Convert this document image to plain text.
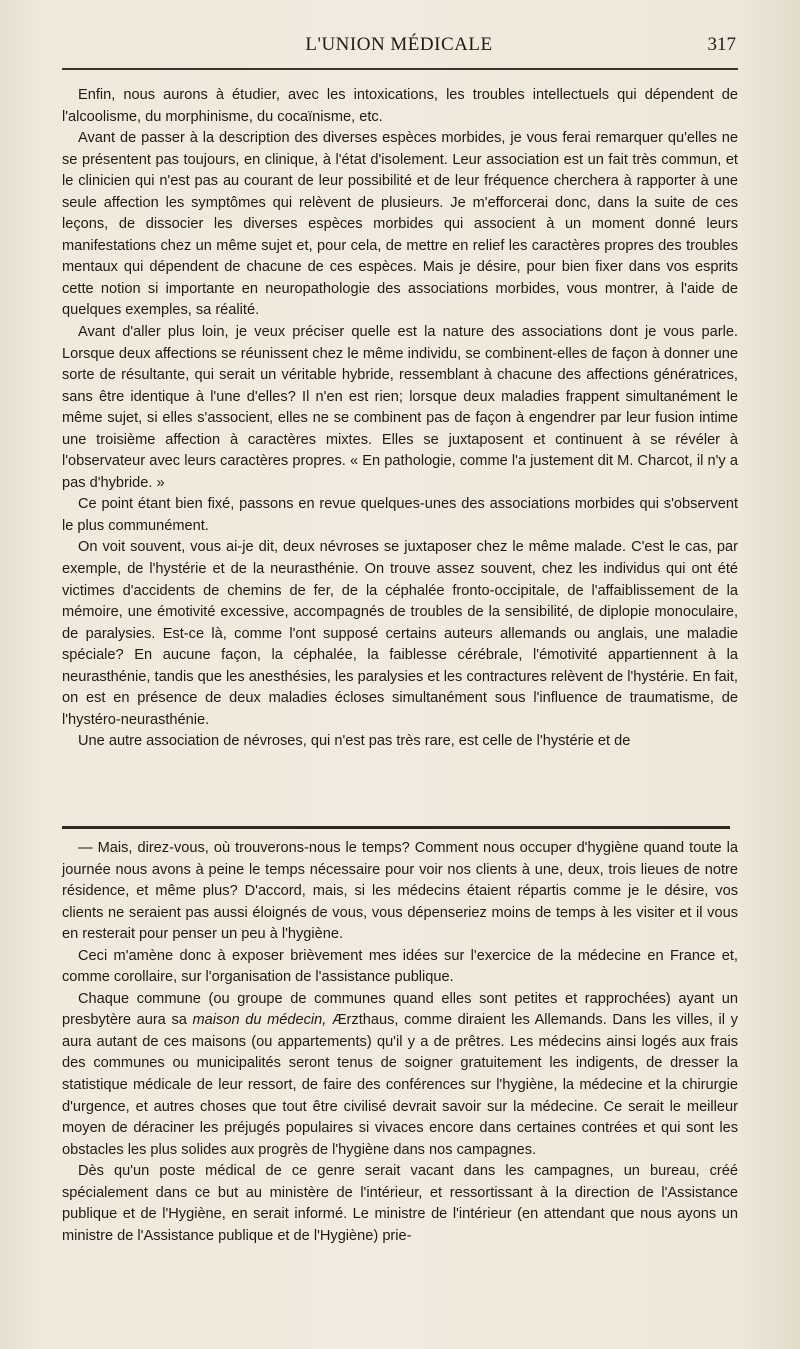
L'UNION MÉDICALE	317

Enfin, nous aurons à étudier, avec les intoxications, les troubles intellectuels qui dépendent de l'alcoolisme, du morphinisme, du cocaïnisme, etc.

Avant de passer à la description des diverses espèces morbides, je vous ferai remarquer qu'elles ne se présentent pas toujours, en clinique, à l'état d'isolement. Leur association est un fait très commun, et le clinicien qui n'est pas au courant de leur possibilité et de leur fréquence cherchera à rapporter à une seule affection les symptômes qui relèvent de plusieurs. Je m'efforcerai donc, dans la suite de ces leçons, de dissocier les diverses espèces morbides qui associent à un moment donné leurs manifestations chez un même sujet et, pour cela, de mettre en relief les caractères propres des troubles mentaux qui dépendent de chacune de ces espèces. Mais je désire, pour bien fixer dans vos esprits cette notion si importante en neuropathologie des associations morbides, vous montrer, à l'aide de quelques exemples, sa réalité.

Avant d'aller plus loin, je veux préciser quelle est la nature des associations dont je vous parle. Lorsque deux affections se réunissent chez le même individu, se combinent-elles de façon à donner une sorte de résultante, qui serait un véritable hybride, ressemblant à chacune des affections génératrices, sans être identique à l'une d'elles? Il n'en est rien; lorsque deux maladies frappent simultanément le même sujet, si elles s'associent, elles ne se combinent pas de façon à engendrer par leur fusion intime une troisième affection à caractères mixtes. Elles se juxtaposent et continuent à se révéler à l'observateur avec leurs caractères propres. « En pathologie, comme l'a justement dit M. Charcot, il n'y a pas d'hybride. »

Ce point étant bien fixé, passons en revue quelques-unes des associations morbides qui s'observent le plus communément.

On voit souvent, vous ai-je dit, deux névroses se juxtaposer chez le même malade. C'est le cas, par exemple, de l'hystérie et de la neurasthénie. On trouve assez souvent, chez les individus qui ont été victimes d'accidents de chemins de fer, de la céphalée fronto-occipitale, de l'affaiblissement de la mémoire, une émotivité excessive, accompagnés de troubles de la sensibilité, de diplopie monoculaire, de paralysies. Est-ce là, comme l'ont supposé certains auteurs allemands ou anglais, une maladie spéciale? En aucune façon, la céphalée, la faiblesse cérébrale, l'émotivité appartiennent à la neurasthénie, tandis que les anesthésies, les paralysies et les contractures relèvent de l'hystérie. En fait, on est en présence de deux maladies écloses simultanément sous l'influence de traumatisme, de l'hystéro-neurasthénie.

Une autre association de névroses, qui n'est pas très rare, est celle de l'hystérie et de

— Mais, direz-vous, où trouverons-nous le temps? Comment nous occuper d'hygiène quand toute la journée nous avons à peine le temps nécessaire pour voir nos clients à une, deux, trois lieues de notre résidence, et même plus? D'accord, mais, si les médecins étaient répartis comme je le désire, vos clients ne seraient pas aussi éloignés de vous, vous dépenseriez moins de temps à les visiter et il vous en resterait pour penser un peu à l'hygiène.

Ceci m'amène donc à exposer brièvement mes idées sur l'exercice de la médecine en France et, comme corollaire, sur l'organisation de l'assistance publique.

Chaque commune (ou groupe de communes quand elles sont petites et rapprochées) ayant un presbytère aura sa maison du médecin, Ærzthaus, comme diraient les Allemands. Dans les villes, il y aura autant de ces maisons (ou appartements) qu'il y a de prêtres. Les médecins ainsi logés aux frais des communes ou municipalités seront tenus de soigner gratuitement les indigents, de dresser la statistique médicale de leur ressort, de faire des conférences sur l'hygiène, la médecine et la chirurgie d'urgence, et autres choses que tout être civilisé devrait savoir sur la médecine. Ce serait le meilleur moyen de déraciner les préjugés populaires si vivaces encore dans certaines contrées et qui sont les obstacles les plus solides aux progrès de l'hygiène dans nos campagnes.

Dès qu'un poste médical de ce genre serait vacant dans les campagnes, un bureau, créé spécialement dans ce but au ministère de l'intérieur, et ressortissant à la direction de l'Assistance publique et de l'Hygiène, en serait informé. Le ministre de l'intérieur (en attendant que nous ayons un ministre de l'Assistance publique et de l'Hygiène) prie-
